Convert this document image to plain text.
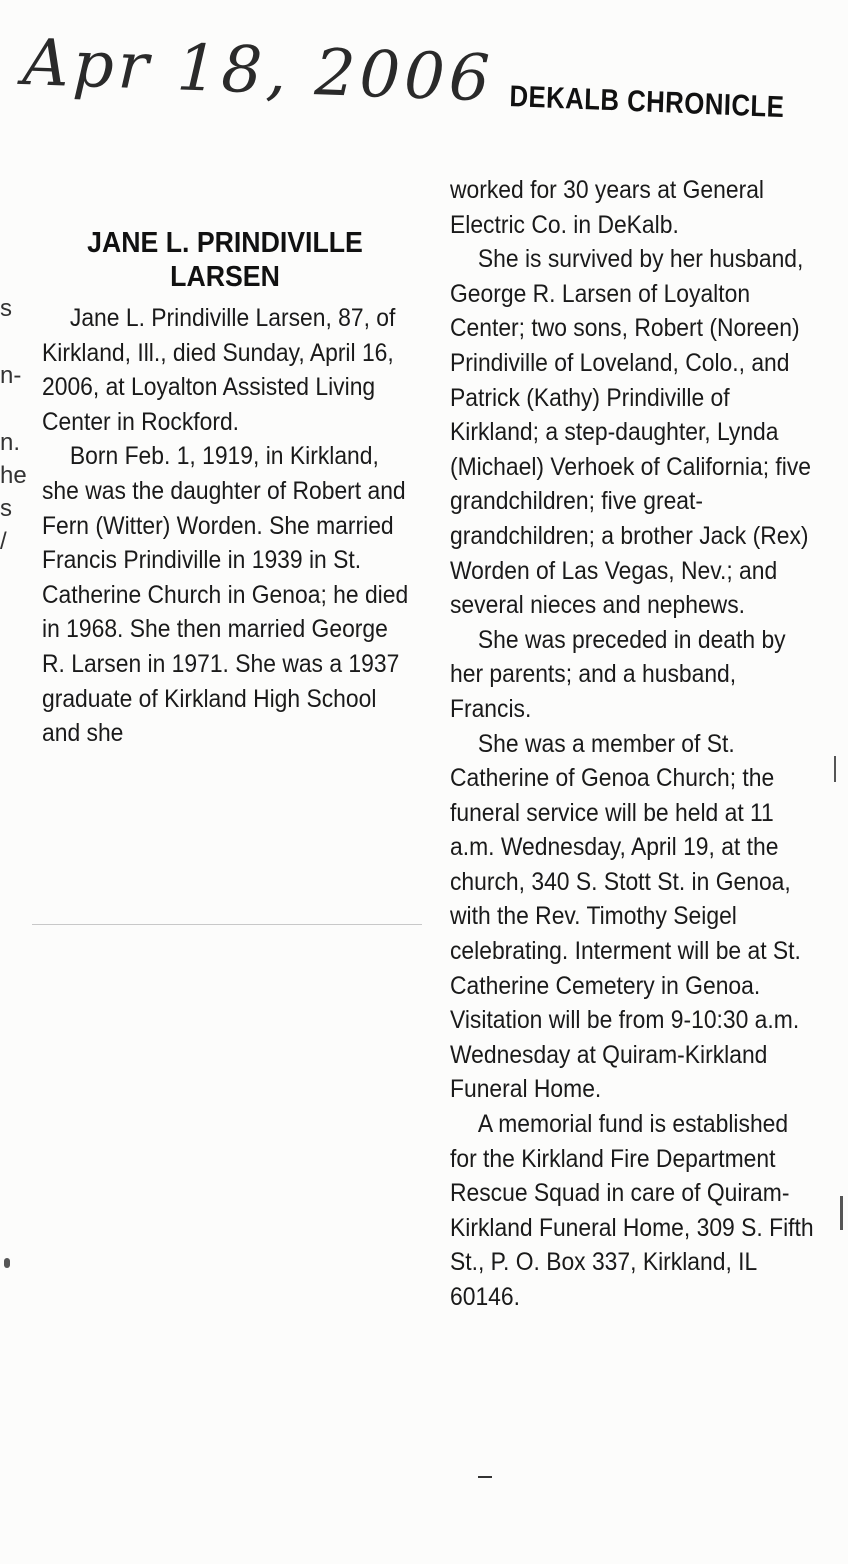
Apr 18, 2006 DEKALB CHRONICLE
s
n-
n.
he
s
/
JANE L. PRINDIVILLE
LARSEN

Jane L. Prindiville Larsen, 87, of Kirkland, Ill., died Sunday, April 16, 2006, at Loyalton Assisted Living Center in Rockford.

Born Feb. 1, 1919, in Kirkland, she was the daughter of Robert and Fern (Witter) Worden. She married Francis Prindiville in 1939 in St. Catherine Church in Genoa; he died in 1968. She then married George R. Larsen in 1971. She was a 1937 graduate of Kirkland High School and she

worked for 30 years at General Electric Co. in DeKalb.

She is survived by her husband, George R. Larsen of Loyalton Center; two sons, Robert (Noreen) Prindiville of Loveland, Colo., and Patrick (Kathy) Prindiville of Kirkland; a step-daughter, Lynda (Michael) Verhoek of California; five grandchildren; five great-grandchildren; a brother Jack (Rex) Worden of Las Vegas, Nev.; and several nieces and nephews.

She was preceded in death by her parents; and a husband, Francis.

She was a member of St. Catherine of Genoa Church; the funeral service will be held at 11 a.m. Wednesday, April 19, at the church, 340 S. Stott St. in Genoa, with the Rev. Timothy Seigel celebrating. Interment will be at St. Catherine Cemetery in Genoa. Visitation will be from 9-10:30 a.m. Wednesday at Quiram-Kirkland Funeral Home.

A memorial fund is established for the Kirkland Fire Department Rescue Squad in care of Quiram-Kirkland Funeral Home, 309 S. Fifth St., P. O. Box 337, Kirkland, IL 60146.
